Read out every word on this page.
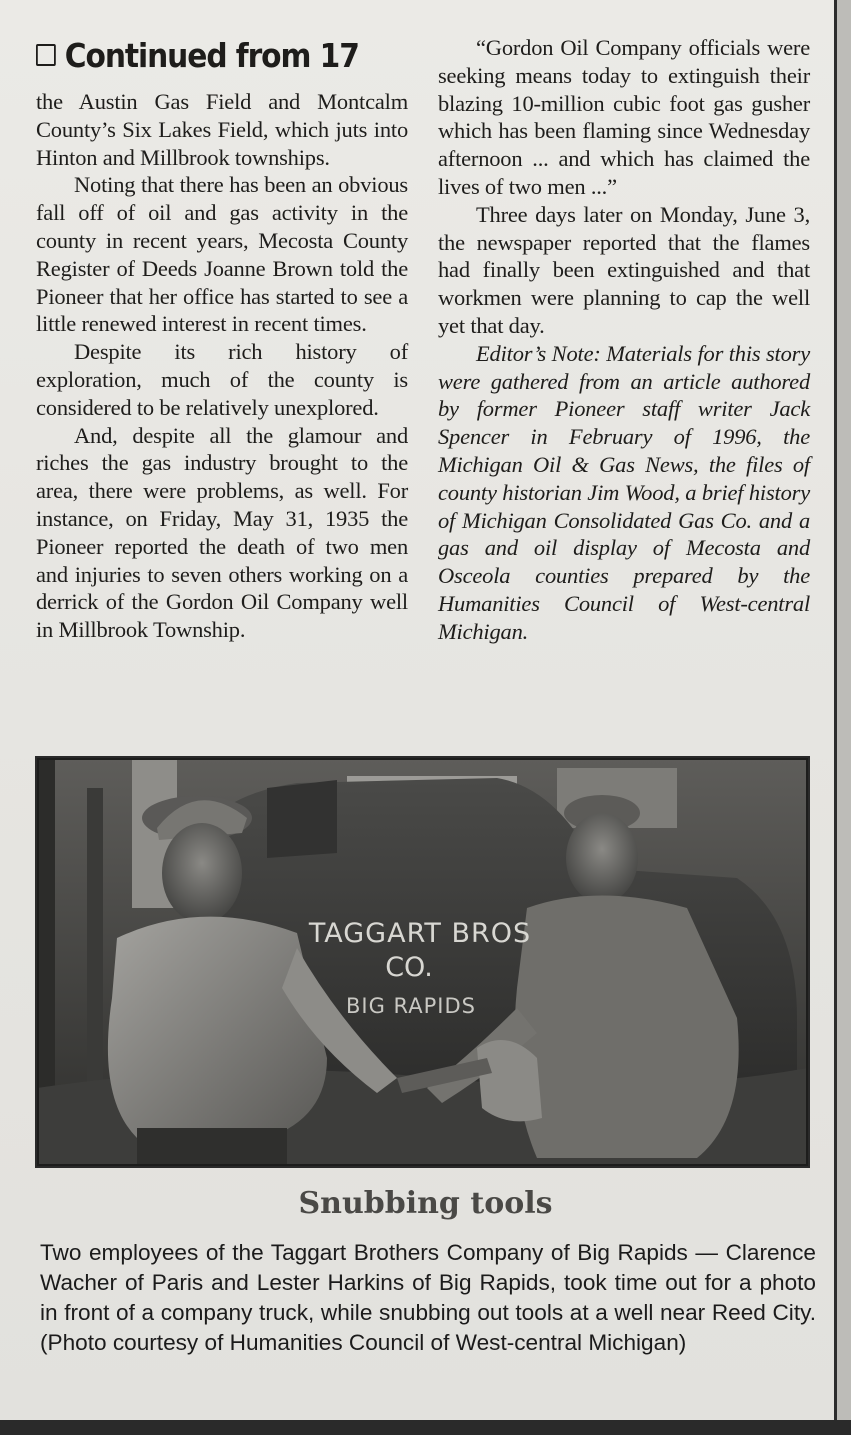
Continued from 17

the Austin Gas Field and Montcalm County’s Six Lakes Field, which juts into Hinton and Millbrook townships.

Noting that there has been an obvious fall off of oil and gas activity in the county in recent years, Mecosta County Register of Deeds Joanne Brown told the Pioneer that her office has started to see a little renewed interest in recent times.

Despite its rich history of exploration, much of the county is considered to be relatively unexplored.

And, despite all the glamour and riches the gas industry brought to the area, there were problems, as well. For instance, on Friday, May 31, 1935 the Pioneer reported the death of two men and injuries to seven others working on a derrick of the Gordon Oil Company well in Millbrook Township.

“Gordon Oil Company officials were seeking means today to extinguish their blazing 10-million cubic foot gas gusher which has been flaming since Wednesday afternoon ... and which has claimed the lives of two men ...”

Three days later on Monday, June 3, the newspaper reported that the flames had finally been extinguished and that workmen were planning to cap the well yet that day.

Editor’s Note: Materials for this story were gathered from an article authored by former Pioneer staff writer Jack Spencer in February of 1996, the Michigan Oil & Gas News, the files of county historian Jim Wood, a brief history of Michigan Consolidated Gas Co. and a gas and oil display of Mecosta and Osceola counties prepared by the Humanities Council of West-central Michigan.

TAGGART BROS
CO.
BIG RAPIDS
Snubbing tools
Two employees of the Taggart Brothers Company of Big Rapids — Clarence Wacher of Paris and Lester Harkins of Big Rapids, took time out for a photo in front of a company truck, while snubbing out tools at a well near Reed City. (Photo courtesy of Humanities Council of West-central Michigan)
